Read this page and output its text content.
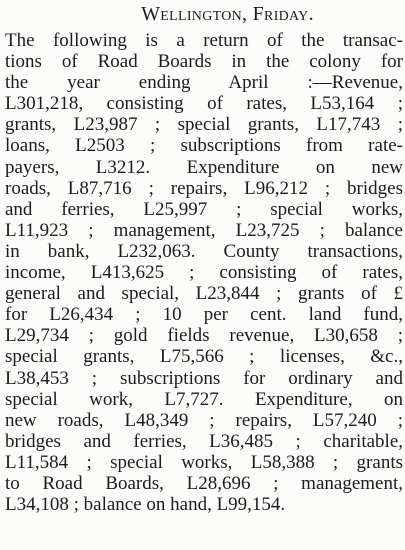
Wellington, Friday.
The following is a return of the transac-
tions of Road Boards in the colony for
the year ending April :—Revenue,
L301,218, consisting of rates, L53,164 ;
grants, L23,987 ; special grants, L17,743 ;
loans, L2503 ; subscriptions from rate-
payers, L3212. Expenditure on new
roads, L87,716 ; repairs, L96,212 ; bridges
and ferries, L25,997 ; special works,
L11,923 ; management, L23,725 ; balance
in bank, L232,063. County transactions,
income, L413,625 ; consisting of rates,
general and special, L23,844 ; grants of £
for L26,434 ; 10 per cent. land fund,
L29,734 ; gold fields revenue, L30,658 ;
special grants, L75,566 ; licenses, &c.,
L38,453 ; subscriptions for ordinary and
special work, L7,727. Expenditure, on
new roads, L48,349 ; repairs, L57,240 ;
bridges and ferries, L36,485 ; charitable,
L11,584 ; special works, L58,388 ; grants
to Road Boards, L28,696 ; management,
L34,108 ; balance on hand, L99,154.
